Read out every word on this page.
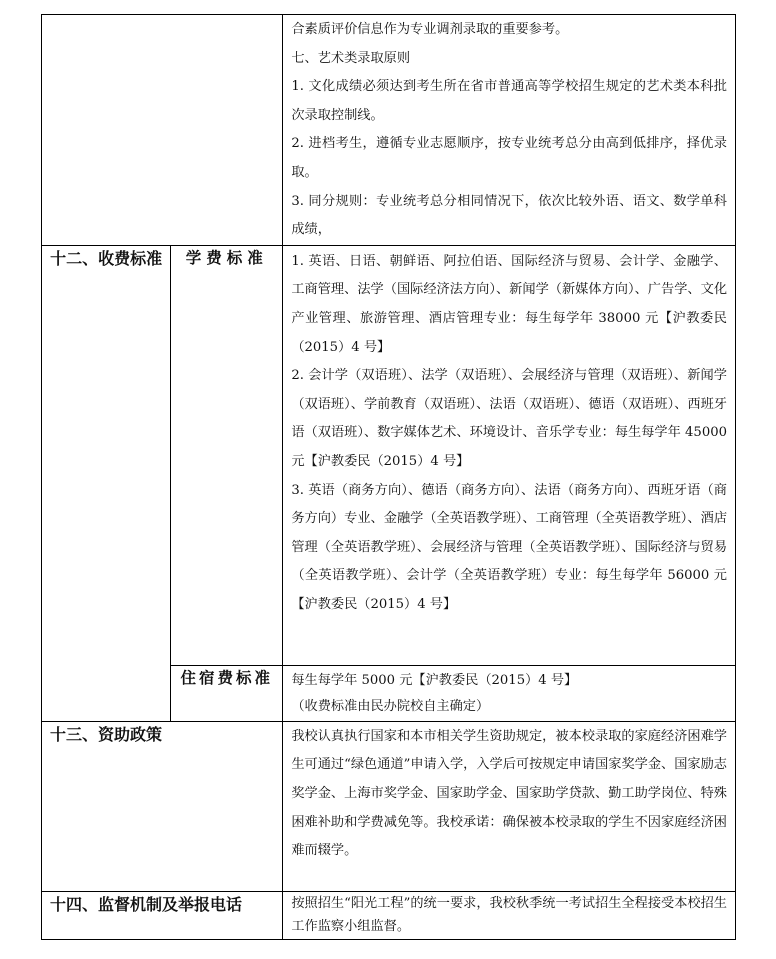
		合素质评价信息作为专业调剂录取的重要参考。

七、艺术类录取原则

1. 文化成绩必须达到考生所在省市普通高等学校招生规定的艺术类本科批次录取控制线。

2. 进档考生，遵循专业志愿顺序，按专业统考总分由高到低排序，择优录取。

3. 同分规则：专业统考总分相同情况下，依次比较外语、语文、数学单科成绩，

十二、收费标准	学费标准	1. 英语、日语、朝鲜语、阿拉伯语、国际经济与贸易、会计学、金融学、工商管理、法学（国际经济法方向）、新闻学（新媒体方向）、广告学、文化产业管理、旅游管理、酒店管理专业：每生每学年 38000 元【沪教委民（2015）4 号】

2. 会计学（双语班）、法学（双语班）、会展经济与管理（双语班）、新闻学（双语班）、学前教育（双语班）、法语（双语班）、德语（双语班）、西班牙语（双语班）、数字媒体艺术、环境设计、音乐学专业：每生每学年 45000 元【沪教委民（2015）4 号】

3. 英语（商务方向）、德语（商务方向）、法语（商务方向）、西班牙语（商务方向）专业、金融学（全英语教学班）、工商管理（全英语教学班）、酒店管理（全英语教学班）、会展经济与管理（全英语教学班）、国际经济与贸易（全英语教学班）、会计学（全英语教学班）专业：每生每学年 56000 元【沪教委民（2015）4 号】

	住宿费标准	每生每学年 5000 元【沪教委民（2015）4 号】

（收费标准由民办院校自主确定）

十三、资助政策		我校认真执行国家和本市相关学生资助规定，被本校录取的家庭经济困难学生可通过“绿色通道”申请入学，入学后可按规定申请国家奖学金、国家励志奖学金、上海市奖学金、国家助学金、国家助学贷款、勤工助学岗位、特殊困难补助和学费减免等。我校承诺：确保被本校录取的学生不因家庭经济困难而辍学。

十四、监督机制及举报电话		按照招生“阳光工程”的统一要求，我校秋季统一考试招生全程接受本校招生工作监察小组监督。
